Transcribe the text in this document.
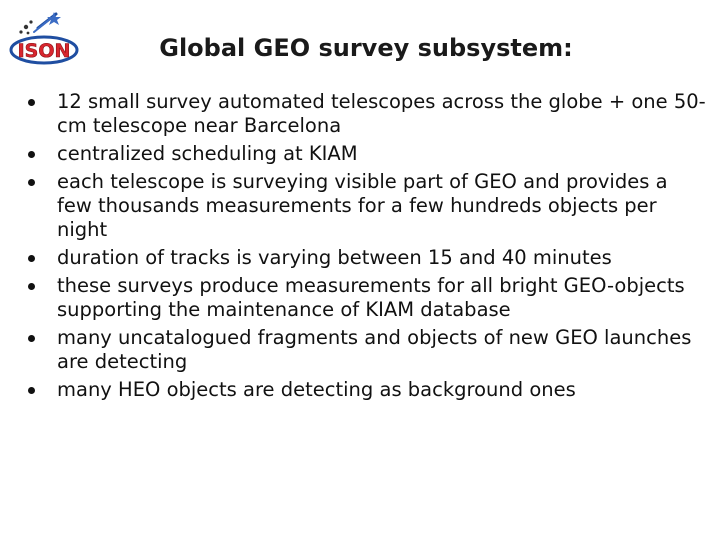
ISON	Global GEO survey subsystem:
12 small survey automated telescopes across the globe + one 50-cm telescope near Barcelona
centralized scheduling at KIAM
each telescope is surveying visible part of GEO and provides a few thousands measurements for a few hundreds objects per night
duration of tracks is varying between 15 and 40 minutes
these surveys produce measurements for all bright GEO-objects supporting the maintenance of KIAM database
many uncatalogued fragments and objects of new GEO launches are detecting
many HEO objects are detecting as background ones
